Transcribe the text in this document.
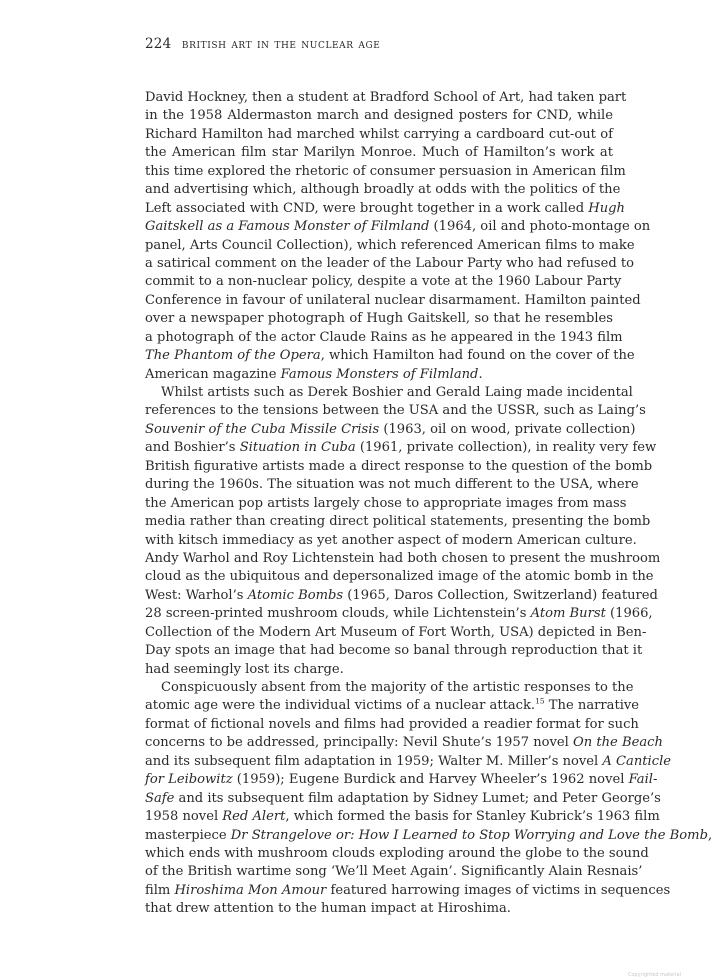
224 british art in the nuclear age
David Hockney, then a student at Bradford School of Art, had taken part
in the 1958 Aldermaston march and designed posters for CND, while
Richard Hamilton had marched whilst carrying a cardboard cut-out of
the American film star Marilyn Monroe. Much of Hamilton’s work at
this time explored the rhetoric of consumer persuasion in American film
and advertising which, although broadly at odds with the politics of the
Left associated with CND, were brought together in a work called Hugh
Gaitskell as a Famous Monster of Filmland (1964, oil and photo-montage on
panel, Arts Council Collection), which referenced American films to make
a satirical comment on the leader of the Labour Party who had refused to
commit to a non-nuclear policy, despite a vote at the 1960 Labour Party
Conference in favour of unilateral nuclear disarmament. Hamilton painted
over a newspaper photograph of Hugh Gaitskell, so that he resembles
a photograph of the actor Claude Rains as he appeared in the 1943 film
The Phantom of the Opera, which Hamilton had found on the cover of the
American magazine Famous Monsters of Filmland.
Whilst artists such as Derek Boshier and Gerald Laing made incidental
references to the tensions between the USA and the USSR, such as Laing’s
Souvenir of the Cuba Missile Crisis (1963, oil on wood, private collection)
and Boshier’s Situation in Cuba (1961, private collection), in reality very few
British figurative artists made a direct response to the question of the bomb
during the 1960s. The situation was not much different to the USA, where
the American pop artists largely chose to appropriate images from mass
media rather than creating direct political statements, presenting the bomb
with kitsch immediacy as yet another aspect of modern American culture.
Andy Warhol and Roy Lichtenstein had both chosen to present the mushroom
cloud as the ubiquitous and depersonalized image of the atomic bomb in the
West: Warhol’s Atomic Bombs (1965, Daros Collection, Switzerland) featured
28 screen-printed mushroom clouds, while Lichtenstein’s Atom Burst (1966,
Collection of the Modern Art Museum of Fort Worth, USA) depicted in Ben-
Day spots an image that had become so banal through reproduction that it
had seemingly lost its charge.
Conspicuously absent from the majority of the artistic responses to the
atomic age were the individual victims of a nuclear attack.$^{15}$ The narrative
format of fictional novels and films had provided a readier format for such
concerns to be addressed, principally: Nevil Shute’s 1957 novel On the Beach
and its subsequent film adaptation in 1959; Walter M. Miller’s novel A Canticle
for Leibowitz (1959); Eugene Burdick and Harvey Wheeler’s 1962 novel Fail-
Safe and its subsequent film adaptation by Sidney Lumet; and Peter George’s
1958 novel Red Alert, which formed the basis for Stanley Kubrick’s 1963 film
masterpiece Dr Strangelove or: How I Learned to Stop Worrying and Love the Bomb,
which ends with mushroom clouds exploding around the globe to the sound
of the British wartime song ‘We’ll Meet Again’. Significantly Alain Resnais’
film Hiroshima Mon Amour featured harrowing images of victims in sequences
that drew attention to the human impact at Hiroshima.
Copyrighted material
